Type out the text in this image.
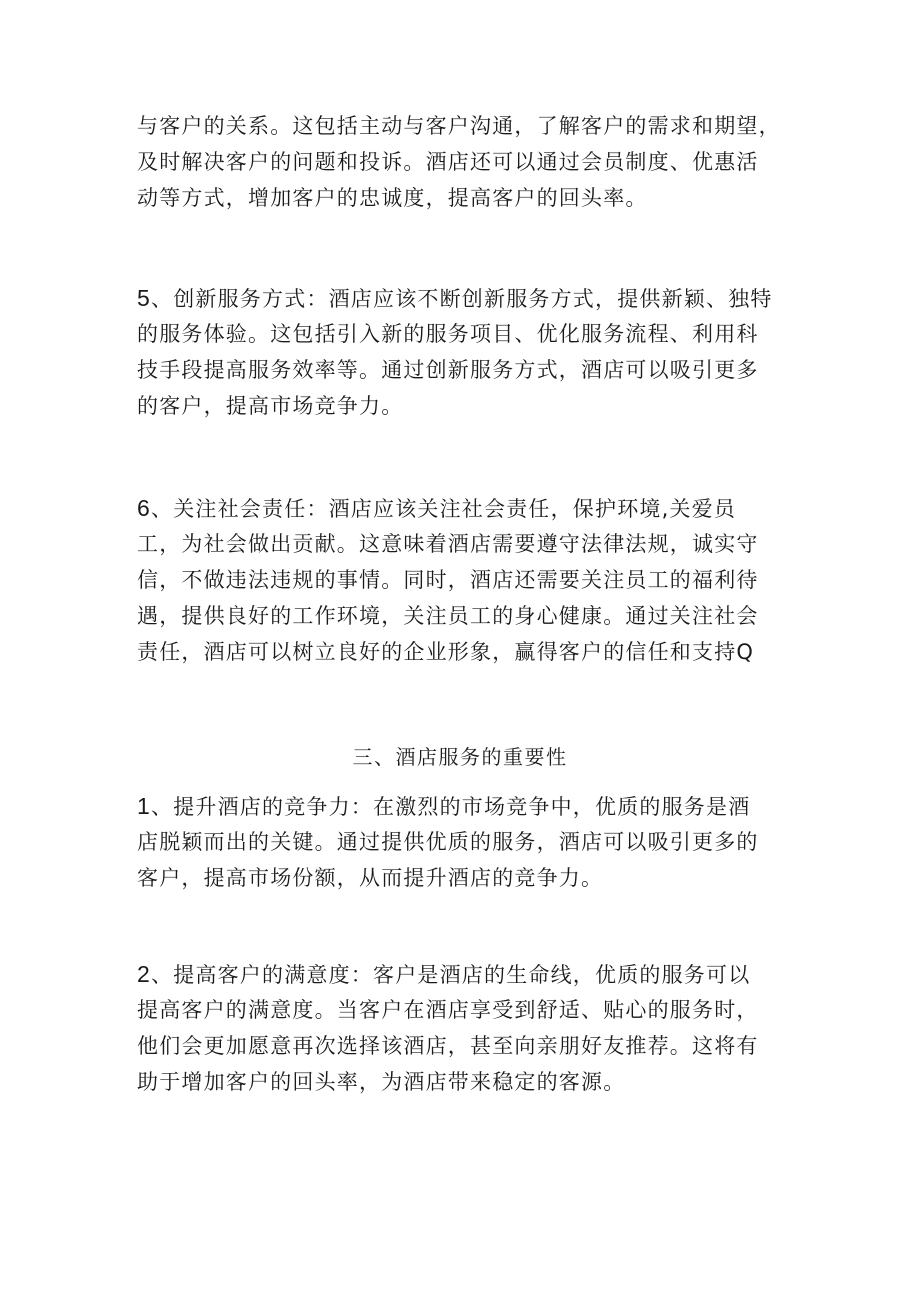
与客户的关系。这包括主动与客户沟通，了解客户的需求和期望，
及时解决客户的问题和投诉。酒店还可以通过会员制度、优惠活
动等方式，增加客户的忠诚度，提高客户的回头率。
5、创新服务方式：酒店应该不断创新服务方式，提供新颖、独特
的服务体验。这包括引入新的服务项目、优化服务流程、利用科
技手段提高服务效率等。通过创新服务方式，酒店可以吸引更多
的客户，提高市场竞争力。
6、关注社会责任：酒店应该关注社会责任，保护环境,关爱员
工，为社会做出贡献。这意味着酒店需要遵守法律法规，诚实守
信，不做违法违规的事情。同时，酒店还需要关注员工的福利待
遇，提供良好的工作环境，关注员工的身心健康。通过关注社会
责任，酒店可以树立良好的企业形象，赢得客户的信任和支持Q
三、酒店服务的重要性
1、提升酒店的竞争力：在激烈的市场竞争中，优质的服务是酒
店脱颖而出的关键。通过提供优质的服务，酒店可以吸引更多的
客户，提高市场份额，从而提升酒店的竞争力。
2、提高客户的满意度：客户是酒店的生命线，优质的服务可以
提高客户的满意度。当客户在酒店享受到舒适、贴心的服务时，
他们会更加愿意再次选择该酒店，甚至向亲朋好友推荐。这将有
助于增加客户的回头率，为酒店带来稳定的客源。
